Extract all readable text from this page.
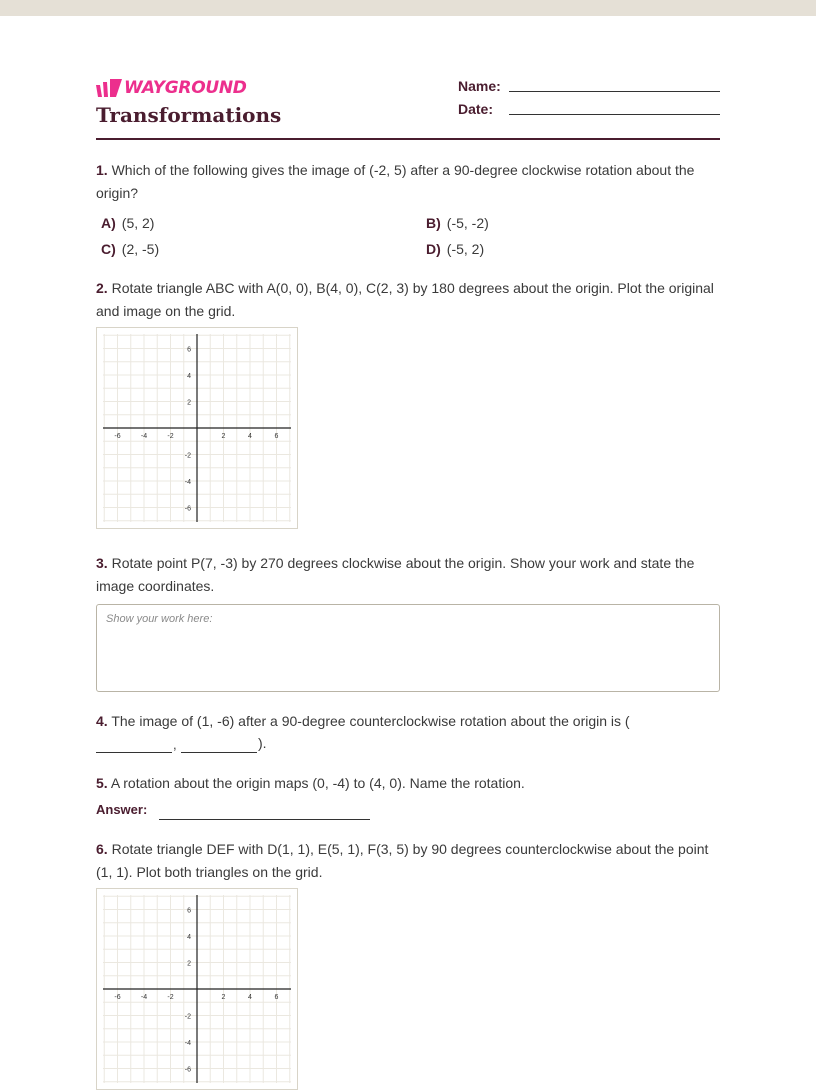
WAYGROUND
Transformations
Name:
Date:
1. Which of the following gives the image of (-2, 5) after a 90-degree clockwise rotation about the origin?
A) (5, 2)	B) (-5, -2)
C) (2, -5)	D) (-5, 2)
2. Rotate triangle ABC with A(0, 0), B(4, 0), C(2, 3) by 180 degrees about the origin. Plot the original and image on the grid.
-6	-4	-2	2	4	6
6
4
2
-2
-4
-6
3. Rotate point P(7, -3) by 270 degrees clockwise about the origin. Show your work and state the image coordinates.
Show your work here:
4. The image of (1, -6) after a 90-degree counterclockwise rotation about the origin is (
,	).
5. A rotation about the origin maps (0, -4) to (4, 0). Name the rotation.
Answer:
6. Rotate triangle DEF with D(1, 1), E(5, 1), F(3, 5) by 90 degrees counterclockwise about the point (1, 1). Plot both triangles on the grid.
-6	-4	-2	2	4	6
6
4
2
-2
-4
-6
